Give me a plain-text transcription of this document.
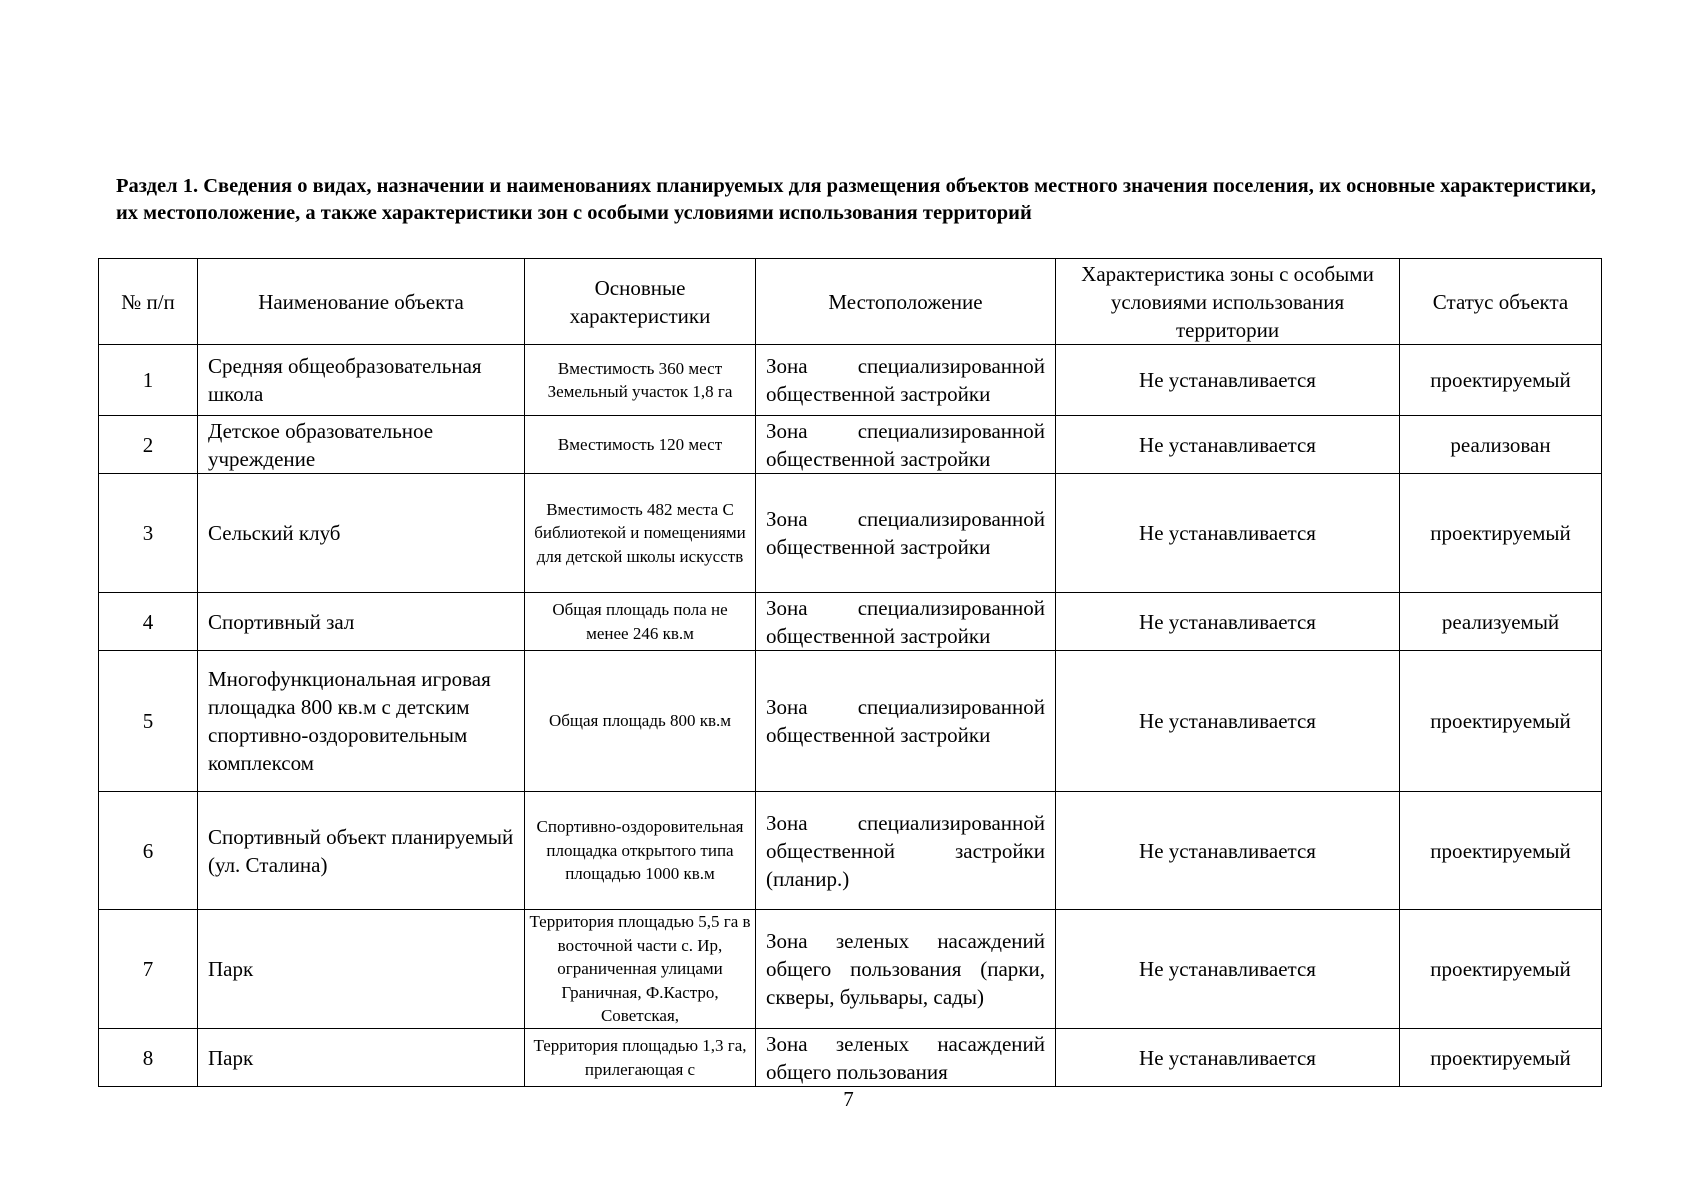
Раздел 1. Сведения о видах, назначении и наименованиях планируемых для размещения объектов местного значения поселения, их основные характеристики, их местоположение, а также характеристики зон с особыми условиями использования территорий
№ п/п	Наименование объекта	Основные характеристики	Местоположение	Характеристика зоны с особыми условиями использования территории	Статус объекта
1	Средняя общеобразовательная школа	Вместимость 360 мест Земельный участок 1,8 га	Зона специализированной общественной застройки	Не устанавливается	проектируемый
2	Детское образовательное учреждение	Вместимость 120 мест	Зона специализированной общественной застройки	Не устанавливается	реализован
3	Сельский клуб	Вместимость 482 места С библиотекой и помещениями для детской школы искусств	Зона специализированной общественной застройки	Не устанавливается	проектируемый
4	Спортивный зал	Общая площадь пола не менее 246 кв.м	Зона специализированной общественной застройки	Не устанавливается	реализуемый
5	Многофункциональная игровая площадка 800 кв.м с детским спортивно-оздоровительным комплексом	Общая площадь 800 кв.м	Зона специализированной общественной застройки	Не устанавливается	проектируемый
6	Спортивный объект планируемый (ул. Сталина)	Спортивно-оздоровительная площадка открытого типа площадью 1000 кв.м	Зона специализированной общественной застройки (планир.)	Не устанавливается	проектируемый
7	Парк	Территория площадью 5,5 га в восточной части с. Ир, ограниченная улицами Граничная, Ф.Кастро, Советская,	Зона зеленых насаждений общего пользования (парки, скверы, бульвары, сады)	Не устанавливается	проектируемый
8	Парк	Территория площадью 1,3 га, прилегающая с	Зона зеленых насаждений общего пользования	Не устанавливается	проектируемый
7
